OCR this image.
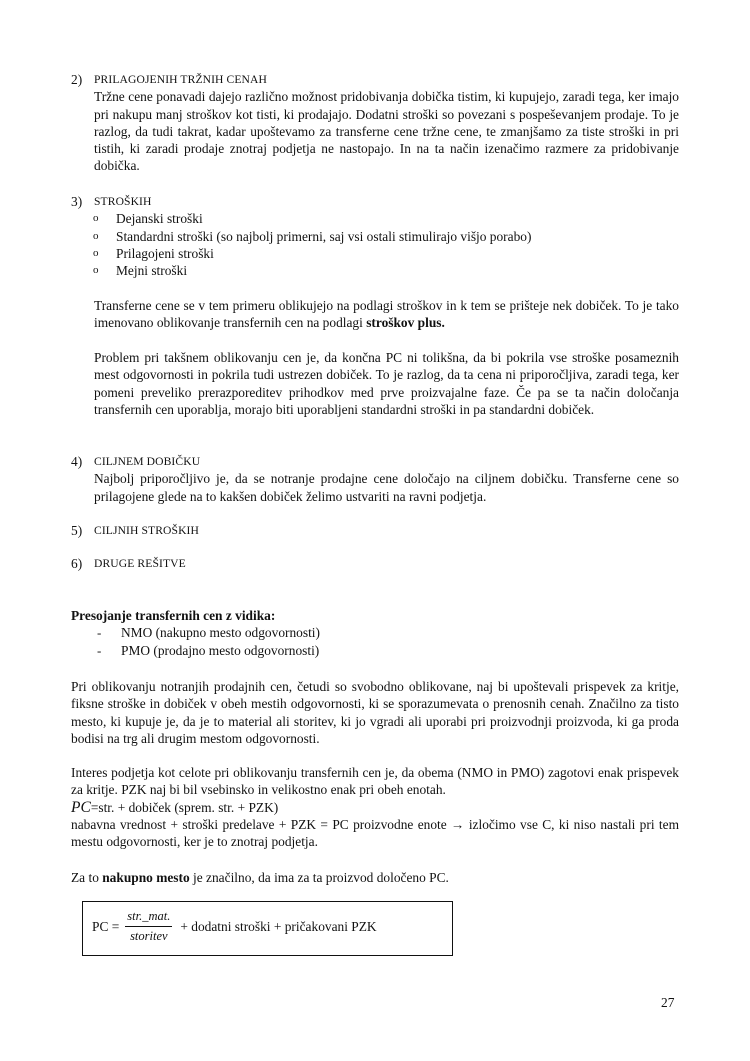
2)	PRILAGOJENIH TRŽNIH CENAH
Tržne cene ponavadi dajejo različno možnost pridobivanja dobička tistim, ki kupujejo, zaradi tega, ker imajo pri nakupu manj stroškov kot tisti, ki prodajajo. Dodatni stroški so povezani s pospeševanjem prodaje. To je razlog, da tudi takrat, kadar upoštevamo za transferne cene tržne cene, te zmanjšamo za tiste stroški in pri tistih, ki zaradi prodaje znotraj podjetja ne nastopajo. In na ta način izenačimo razmere za pridobivanje dobička.
3)	STROŠKIH
o Dejanski stroški
o Standardni stroški (so najbolj primerni, saj vsi ostali stimulirajo višjo porabo)
o Prilagojeni stroški
o Mejni stroški
Transferne cene se v tem primeru oblikujejo na podlagi stroškov in k tem se prišteje nek dobiček. To je tako imenovano oblikovanje transfernih cen na podlagi stroškov plus.
Problem pri takšnem oblikovanju cen je, da končna PC ni tolikšna, da bi pokrila vse stroške posameznih mest odgovornosti in pokrila tudi ustrezen dobiček. To je razlog, da ta cena ni priporočljiva, zaradi tega, ker pomeni preveliko prerazporeditev prihodkov med prve proizvajalne faze. Če pa se ta način določanja transfernih cen uporablja, morajo biti uporabljeni standardni stroški in pa standardni dobiček.
4)	CILJNEM DOBIČKU
Najbolj priporočljivo je, da se notranje prodajne cene določajo na ciljnem dobičku. Transferne cene so prilagojene glede na to kakšen dobiček želimo ustvariti na ravni podjetja.
5)	CILJNIH STROŠKIH
6)	DRUGE REŠITVE
Presojanje transfernih cen z vidika:
- NMO (nakupno mesto odgovornosti)
- PMO (prodajno mesto odgovornosti)
Pri oblikovanju notranjih prodajnih cen, četudi so svobodno oblikovane, naj bi upoštevali prispevek za kritje, fiksne stroške in dobiček v obeh mestih odgovornosti, ki se sporazumevata o prenosnih cenah. Značilno za tisto mesto, ki kupuje je, da je to material ali storitev, ki jo vgradi ali uporabi pri proizvodnji proizvoda, ki ga proda bodisi na trg ali drugim mestom odgovornosti.
Interes podjetja kot celote pri oblikovanju transfernih cen je, da obema (NMO in PMO) zagotovi enak prispevek za kritje. PZK naj bi bil vsebinsko in velikostno enak pri obeh enotah.
PC=str. + dobiček (sprem. str. + PZK)
nabavna vrednost + stroški predelave + PZK = PC proizvodne enote → izločimo vse C, ki niso nastali pri tem mestu odgovornosti, ker je to znotraj podjetja.
Za to nakupno mesto je značilno, da ima za ta proizvod določeno PC.
PC = $\frac{\text{str.\_mat.}}{\text{storitev}}$ + dodatni stroški + pričakovani PZK
27
